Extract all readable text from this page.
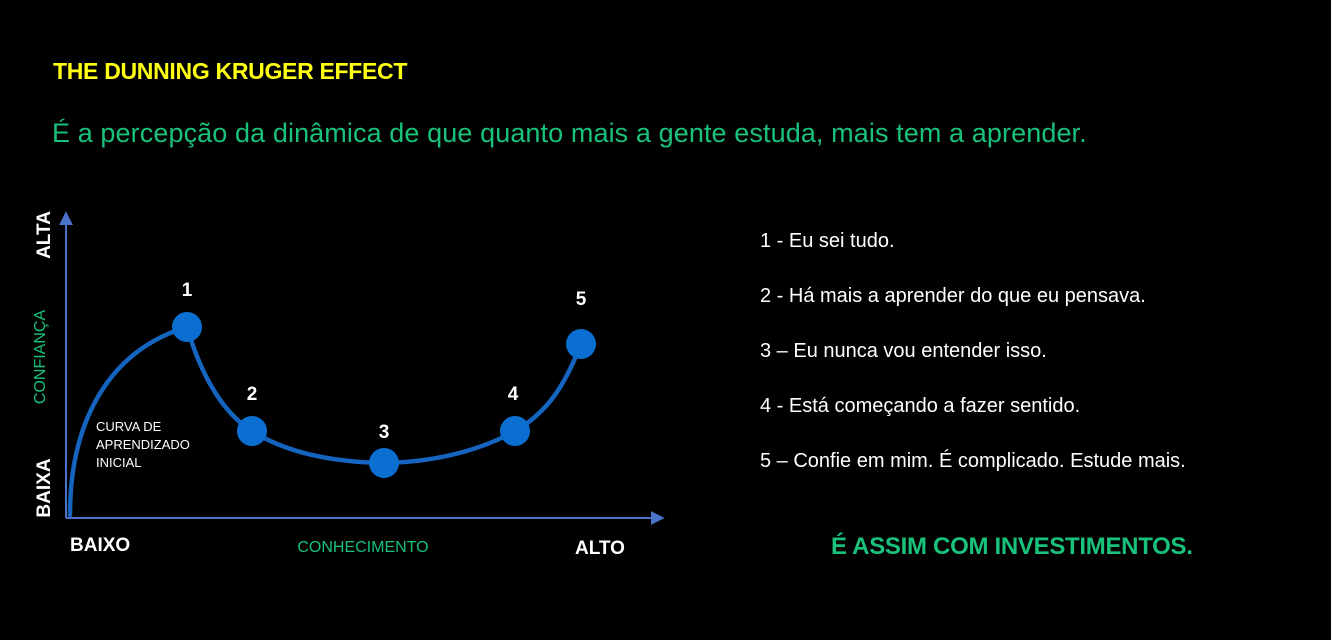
THE DUNNING KRUGER EFFECT

É a percepção da dinâmica de que quanto mais a gente estuda, mais tem a aprender.

ALTA
CONFIANÇA
BAIXA
BAIXO	CONHECIMENTO	ALTO
CURVA DE
APRENDIZADO
INICIAL
1
2
3
4
5
1 - Eu sei tudo.
2 - Há mais a aprender do que eu pensava.
3 – Eu nunca vou entender isso.
4 - Está começando a fazer sentido.
5 – Confie em mim. É complicado. Estude mais.

É ASSIM COM INVESTIMENTOS.
